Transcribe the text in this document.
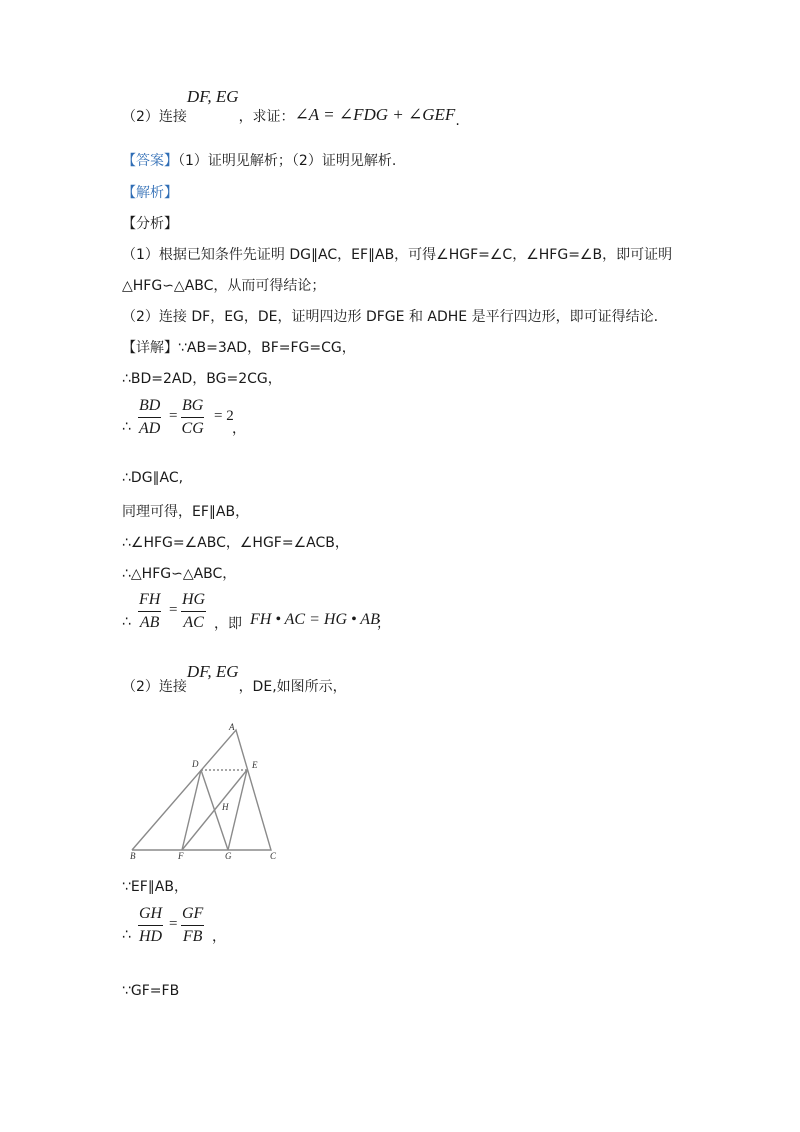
（2）连接DF, EG，求证：∠A = ∠FDG + ∠GEF.
【答案】（1）证明见解析；（2）证明见解析.
【解析】
【分析】
（1）根据已知条件先证明 DG∥AC，EF∥AB，可得∠HGF=∠C，∠HFG=∠B，即可证明
△HFG∽△ABC，从而可得结论；
（2）连接 DF，EG，DE，证明四边形 DFGE 和 ADHE 是平行四边形，即可证得结论.
【详解】∵AB=3AD，BF=FG=CG，
∴BD=2AD，BG=2CG，
∴ $\frac{BD}{AD} = \frac{BG}{CG} = 2$
，
∴DG∥AC,
同理可得，EF∥AB，
∴∠HFG=∠ABC，∠HGF=∠ACB，
∴△HFG∽△ABC，
∴ $\frac{FH}{AB} = \frac{HG}{AC}$ ，即 FH • AC = HG • AB
；
（2）连接DF, EG，DE,如图所示，
A
D	E
H
B	F	G	C
∵EF∥AB，
∴ $\frac{GH}{HD} = \frac{GF}{FB}$ ，
∵GF=FB
